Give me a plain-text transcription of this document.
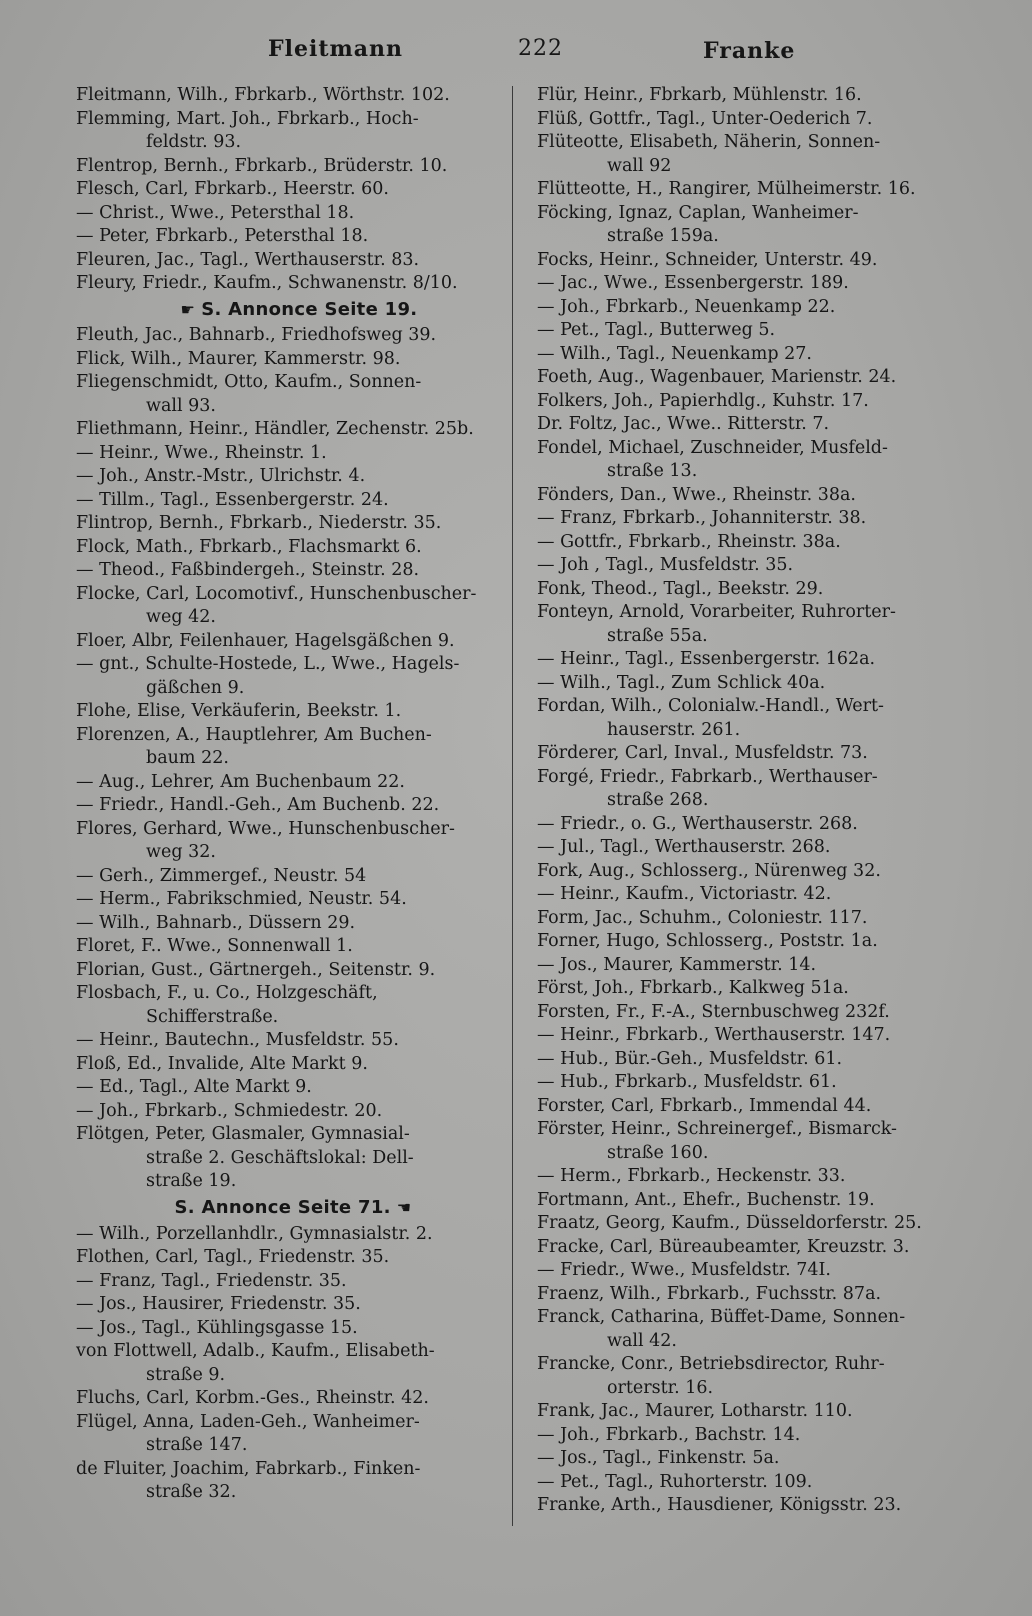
Fleitmann	222	Franke
Fleitmann, Wilh., Fbrkarb., Wörthstr. 102.
Flemming, Mart. Joh., Fbrkarb., Hoch-
feldstr. 93.
Flentrop, Bernh., Fbrkarb., Brüderstr. 10.
Flesch, Carl, Fbrkarb., Heerstr. 60.
— Christ., Wwe., Petersthal 18.
— Peter, Fbrkarb., Petersthal 18.
Fleuren, Jac., Tagl., Werthauserstr. 83.
Fleury, Friedr., Kaufm., Schwanenstr. 8/10.
☛ S. Annonce Seite 19.
Fleuth, Jac., Bahnarb., Friedhofsweg 39.
Flick, Wilh., Maurer, Kammerstr. 98.
Fliegenschmidt, Otto, Kaufm., Sonnen-
wall 93.
Fliethmann, Heinr., Händler, Zechenstr. 25b.
— Heinr., Wwe., Rheinstr. 1.
— Joh., Anstr.-Mstr., Ulrichstr. 4.
— Tillm., Tagl., Essenbergerstr. 24.
Flintrop, Bernh., Fbrkarb., Niederstr. 35.
Flock, Math., Fbrkarb., Flachsmarkt 6.
— Theod., Faßbindergeh., Steinstr. 28.
Flocke, Carl, Locomotivf., Hunschenbuscher-
weg 42.
Floer, Albr, Feilenhauer, Hagelsgäßchen 9.
— gnt., Schulte-Hostede, L., Wwe., Hagels-
gäßchen 9.
Flohe, Elise, Verkäuferin, Beekstr. 1.
Florenzen, A., Hauptlehrer, Am Buchen-
baum 22.
— Aug., Lehrer, Am Buchenbaum 22.
— Friedr., Handl.-Geh., Am Buchenb. 22.
Flores, Gerhard, Wwe., Hunschenbuscher-
weg 32.
— Gerh., Zimmergef., Neustr. 54
— Herm., Fabrikschmied, Neustr. 54.
— Wilh., Bahnarb., Düssern 29.
Floret, F.. Wwe., Sonnenwall 1.
Florian, Gust., Gärtnergeh., Seitenstr. 9.
Flosbach, F., u. Co., Holzgeschäft,
Schifferstraße.
— Heinr., Bautechn., Musfeldstr. 55.
Floß, Ed., Invalide, Alte Markt 9.
— Ed., Tagl., Alte Markt 9.
— Joh., Fbrkarb., Schmiedestr. 20.
Flötgen, Peter, Glasmaler, Gymnasial-
straße 2. Geschäftslokal: Dell-
straße 19.
S. Annonce Seite 71. ☚
— Wilh., Porzellanhdlr., Gymnasialstr. 2.
Flothen, Carl, Tagl., Friedenstr. 35.
— Franz, Tagl., Friedenstr. 35.
— Jos., Hausirer, Friedenstr. 35.
— Jos., Tagl., Kühlingsgasse 15.
von Flottwell, Adalb., Kaufm., Elisabeth-
straße 9.
Fluchs, Carl, Korbm.-Ges., Rheinstr. 42.
Flügel, Anna, Laden-Geh., Wanheimer-
straße 147.
de Fluiter, Joachim, Fabrkarb., Finken-
straße 32.
Flür, Heinr., Fbrkarb, Mühlenstr. 16.
Flüß, Gottfr., Tagl., Unter-Oederich 7.
Flüteotte, Elisabeth, Näherin, Sonnen-
wall 92
Flütteotte, H., Rangirer, Mülheimerstr. 16.
Föcking, Ignaz, Caplan, Wanheimer-
straße 159a.
Focks, Heinr., Schneider, Unterstr. 49.
— Jac., Wwe., Essenbergerstr. 189.
— Joh., Fbrkarb., Neuenkamp 22.
— Pet., Tagl., Butterweg 5.
— Wilh., Tagl., Neuenkamp 27.
Foeth, Aug., Wagenbauer, Marienstr. 24.
Folkers, Joh., Papierhdlg., Kuhstr. 17.
Dr. Foltz, Jac., Wwe.. Ritterstr. 7.
Fondel, Michael, Zuschneider, Musfeld-
straße 13.
Fönders, Dan., Wwe., Rheinstr. 38a.
— Franz, Fbrkarb., Johanniterstr. 38.
— Gottfr., Fbrkarb., Rheinstr. 38a.
— Joh , Tagl., Musfeldstr. 35.
Fonk, Theod., Tagl., Beekstr. 29.
Fonteyn, Arnold, Vorarbeiter, Ruhrorter-
straße 55a.
— Heinr., Tagl., Essenbergerstr. 162a.
— Wilh., Tagl., Zum Schlick 40a.
Fordan, Wilh., Colonialw.-Handl., Wert-
hauserstr. 261.
Förderer, Carl, Inval., Musfeldstr. 73.
Forgé, Friedr., Fabrkarb., Werthauser-
straße 268.
— Friedr., o. G., Werthauserstr. 268.
— Jul., Tagl., Werthauserstr. 268.
Fork, Aug., Schlosserg., Nürenweg 32.
— Heinr., Kaufm., Victoriastr. 42.
Form, Jac., Schuhm., Coloniestr. 117.
Forner, Hugo, Schlosserg., Poststr. 1a.
— Jos., Maurer, Kammerstr. 14.
Först, Joh., Fbrkarb., Kalkweg 51a.
Forsten, Fr., F.-A., Sternbuschweg 232f.
— Heinr., Fbrkarb., Werthauserstr. 147.
— Hub., Bür.-Geh., Musfeldstr. 61.
— Hub., Fbrkarb., Musfeldstr. 61.
Forster, Carl, Fbrkarb., Immendal 44.
Förster, Heinr., Schreinergef., Bismarck-
straße 160.
— Herm., Fbrkarb., Heckenstr. 33.
Fortmann, Ant., Ehefr., Buchenstr. 19.
Fraatz, Georg, Kaufm., Düsseldorferstr. 25.
Fracke, Carl, Büreaubeamter, Kreuzstr. 3.
— Friedr., Wwe., Musfeldstr. 74I.
Fraenz, Wilh., Fbrkarb., Fuchsstr. 87a.
Franck, Catharina, Büffet-Dame, Sonnen-
wall 42.
Francke, Conr., Betriebsdirector, Ruhr-
orterstr. 16.
Frank, Jac., Maurer, Lotharstr. 110.
— Joh., Fbrkarb., Bachstr. 14.
— Jos., Tagl., Finkenstr. 5a.
— Pet., Tagl., Ruhorterstr. 109.
Franke, Arth., Hausdiener, Königsstr. 23.
